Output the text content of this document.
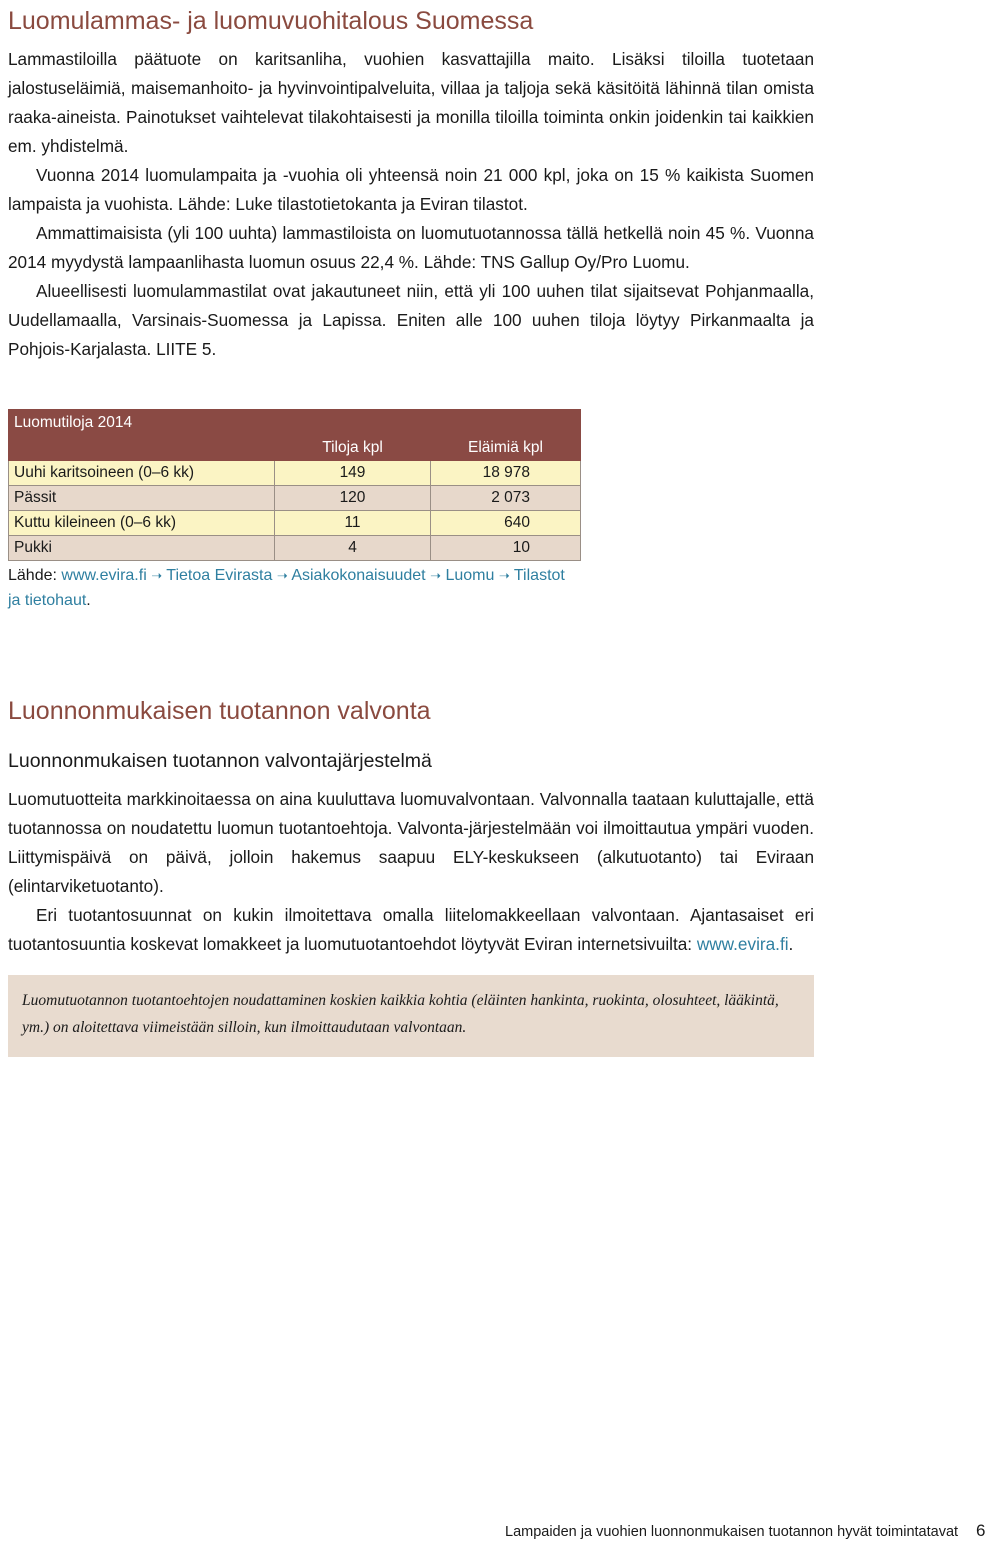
Luomulammas- ja luomuvuohitalous Suomessa

Lammastiloilla päätuote on karitsanliha, vuohien kasvattajilla maito. Lisäksi tiloilla tuotetaan jalostuseläimiä, maisemanhoito- ja hyvinvointipalveluita, villaa ja taljoja sekä käsitöitä lähinnä tilan omista raaka-aineista. Painotukset vaihtelevat tilakohtaisesti ja monilla tiloilla toiminta onkin joidenkin tai kaikkien em. yhdistelmä.

Vuonna 2014 luomulampaita ja -vuohia oli yhteensä noin 21 000 kpl, joka on 15 % kaikista Suomen lampaista ja vuohista. Lähde: Luke tilastotietokanta ja Eviran tilastot.

Ammattimaisista (yli 100 uuhta) lammastiloista on luomutuotannossa tällä hetkellä noin 45 %. Vuonna 2014 myydystä lampaanlihasta luomun osuus 22,4 %. Lähde: TNS Gallup Oy/Pro Luomu.

Alueellisesti luomulammastilat ovat jakautuneet niin, että yli 100 uuhen tilat sijaitsevat Pohjanmaalla, Uudellamaalla, Varsinais-Suomessa ja Lapissa. Eniten alle 100 uuhen tiloja löytyy Pirkanmaalta ja Pohjois-Karjalasta. LIITE 5.

Luomutiloja 2014		
	Tiloja kpl	Eläimiä kpl
Uuhi karitsoineen (0–6 kk)	149	18 978
Pässit	120	2 073
Kuttu kileineen (0–6 kk)	11	640
Pukki	4	10
Lähde: www.evira.fi ➝ Tietoa Evirasta ➝ Asiakokonaisuudet ➝ Luomu ➝ Tilastot ja tietohaut.
Luonnonmukaisen tuotannon valvonta
Luonnonmukaisen tuotannon valvontajärjestelmä

Luomutuotteita markkinoitaessa on aina kuuluttava luomuvalvontaan. Valvonnalla taataan kuluttajalle, että tuotannossa on noudatettu luomun tuotantoehtoja. Valvonta-järjestelmään voi ilmoittautua ympäri vuoden. Liittymispäivä on päivä, jolloin hakemus saapuu ELY-keskukseen (alkutuotanto) tai Eviraan (elintarviketuotanto).

Eri tuotantosuunnat on kukin ilmoitettava omalla liitelomakkeellaan valvontaan. Ajantasaiset eri tuotantosuuntia koskevat lomakkeet ja luomutuotantoehdot löytyvät Eviran internetsivuilta: www.evira.fi.

Luomutuotannon tuotantoehtojen noudattaminen koskien kaikkia kohtia (eläinten hankinta, ruokinta, olosuhteet, lääkintä, ym.) on aloitettava viimeistään silloin, kun ilmoittaudutaan valvontaan.
Lampaiden ja vuohien luonnonmukaisen tuotannon hyvät toimintatavat 6
